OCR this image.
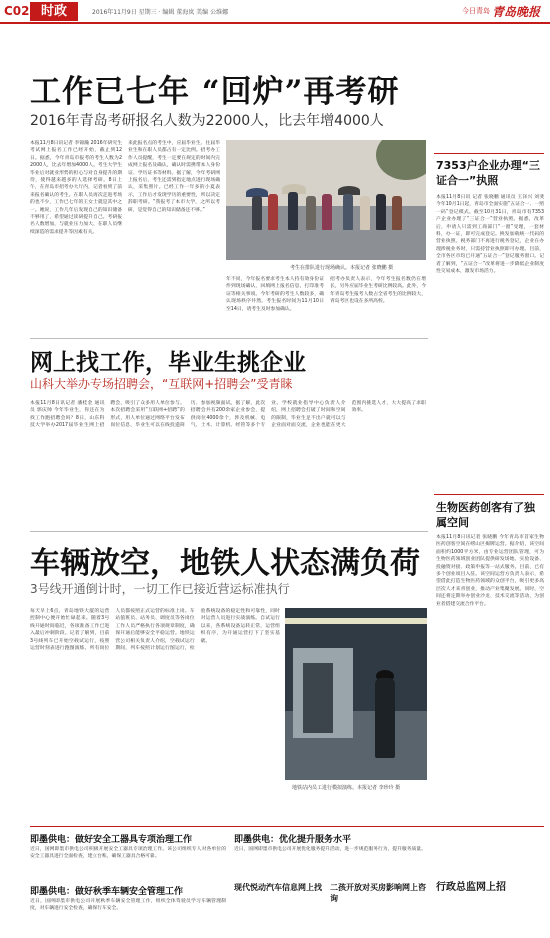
C02 时政	2016年11月9日 星期三 · 编辑 董海岚 美编 公维娜	今日青岛 青岛晚报
工作已七年 “回炉”再考研
2016年青岛考研报名人数为22000人，比去年增4000人
本报11月8日讯记者 李锦瀚 2016年研究生考试网上报名工作已经开始，截止到12日。据悉，今年青岛市报考的考生人数为22000人，比去年增加4000人。考生大学生毕业后对就业形势的担心与对自身提升的期待，使得越来越多的人选择考研。8日上午，在青岛市招考办大厅内，记者看到了前来报名确认的考生。在职人员再次走进考场的也不少，工作已七年的王女士就是其中之一。她说，工作几年后发现自己的知识储备不够用了，希望通过读研提升自己。考研报名人数增加，与就业压力加大、在职人员继续深造的需求提升等因素有关。
来此报名点的考生中，应届毕业生、往届毕业生和在职人员都占有一定比例。招考办工作人员提醒，考生一定要在规定的时间内完成网上报名及确认，确认时需携带本人身份证、学历证书等材料。据了解，今年考研网上报名后，考生还需到指定地点进行现场确认，采集照片。已经工作一年多的小夏表示，工作后才发现学历的重要性，所以决定辞职考研。“我报考了本市大学，之所以考研，是觉得自己的知识储备还不够。”
考生在排队进行现场确认。本报记者 张晓鹏 摄
年不同，今年报名要求考生本人持有效身份证件到现场确认，回填网上报名信息，打印准考证等相关事项。今年考研的考生人数较多，确认现场秩序井然。考生报名时间为11月10日至14日，请考生及时参加确认。
招考办负责人表示，今年考生报名数仍在增长，另外应届毕业生考研比例较高。此外，今年青岛考生报考人数占全省考生的比例较大，青岛考区也设在多所高校。
7353户企业办理“三证合一”执照
本报11月8日讯 记者 张晓鹏 通讯员 王泽兴 刘斐 今年10月1日起，青岛市全面实施“五证合一、一照一码”登记模式。截至10月31日，青岛市有7353户企业办理了“三证合一”营业执照。据悉，改革后，申请人只需到工商部门“一窗”受理，一套材料，办一证，即可完成登记。换发加载统一代码的营业执照。税务部门不再进行税务登记，企业在办理涉税业务时，只需持营业执照即可办理。目前，全市各区市均已开通“五证合一”登记服务窗口。记者了解到，“五证合一”改革将进一步降低企业制度性交易成本，激发市场活力。
网上找工作，毕业生挑企业
山科大举办专场招聘会，“互联网+招聘会”受青睐
本报11月8日讯记者 潘桂金 通讯员 郭庆帅 今年毕业生，你还在为找工作跑招聘会吗？8日，山东科技大学举办2017届毕业生网上招聘会，吸引了众多用人单位参与。本次招聘会采用“互联网+招聘”的形式，用人单位通过网络平台发布岗位信息，毕业生可以在线投递简历、参加视频面试。据了解，此次招聘会共有200余家企业参会，提供岗位4000余个，涉及机械、电气、土木、计算机、经管等多个专业。学校就业指导中心负责人介绍，网上招聘会打破了时间和空间的限制，毕业生足不出户就可以与企业面对面交流，企业也能在更大范围内挑选人才，大大提高了求职效率。
生物医药创客有了独属空间
本报11月8日讯记者 张晓鹏 今年青岛市首家生物医药创客空间在崂山区揭牌运营。据介绍，该空间面积约1000平方米，由专业运营团队管理，可为生物医药领域创业团队提供研发场地、实验设备、投融资对接、政策申报等一站式服务。目前，已有多个创业项目入驻。该空间运营方负责人表示，希望借此打造生物医药领域的众创平台，吸引更多高层次人才来青创业，推动产业集聚发展。同时，空间还将定期举办创业沙龙、技术交流等活动，为创业者搭建交流合作平台。
车辆放空，地铁人状态满负荷
3号线开通倒计时，一切工作已接近营运标准执行
每天早上6点，青岛地铁大厦的运营控制中心便开始忙碌起来。随着3号线开通时间临近，各项准备工作已进入最后冲刺阶段。记者了解到，目前3号线列车已开始空载试运行，按照运营时刻表进行跑图演练，所有岗位人员都按照正式运营的标准上岗。车站值班员、站务员、调度员等各岗位工作人员严格执行各项规章制度，确保开通后能够安全平稳运营。地铁运营公司相关负责人介绍，空载试运行期间，列车按照计划运行图运行，检验系统设备的稳定性和可靠性，同时对运营人员进行实战演练。自试运行以来，各系统设备运转正常，运营组织有序，为开通运营打下了坚实基础。
地铁站内员工进行模拟演练。本报记者 李珍玲 摄
即墨供电：做好安全工器具专项治理工作
近日，国网即墨市供电公司积极开展安全工器具专项治理工作。该公司组织专人对各单位的安全工器具进行全面检查，建立台账，确保工器具合格可靠。
即墨供电：做好秋季车辆安全管理工作
近日，国网即墨市供电公司开展秋季车辆安全管理工作，组织全体驾驶员学习车辆管理制度，对车辆进行安全检查，确保行车安全。
即墨供电：优化提升服务水平
近日，国网即墨市供电公司开展优化服务提升活动，进一步规范服务行为，提升服务质量。
现代悦动汽车信息网上找 二孩开放对买房影响网上咨询
行政总监网上招
